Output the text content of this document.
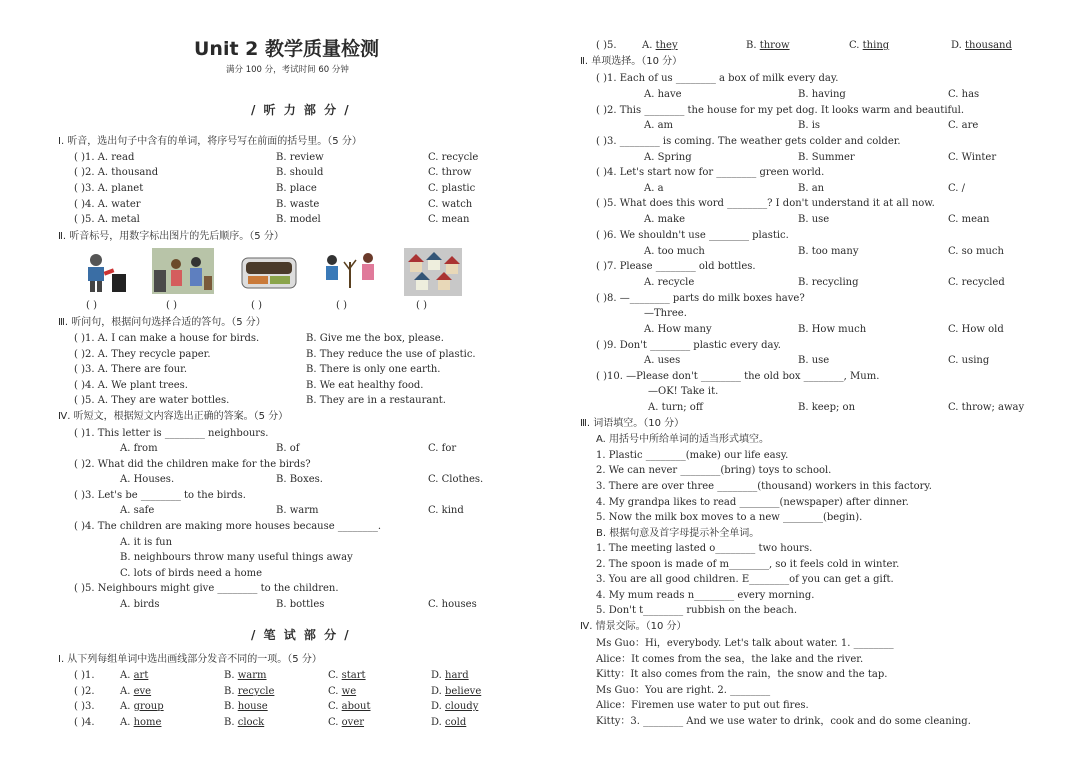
Unit 2 教学质量检测
满分 100 分，考试时间 60 分钟
/ 听 力 部 分 /
Ⅰ. 听音，选出句子中含有的单词，将序号写在前面的括号里。（5 分）
( )1. A. read	B. review	C. recycle
( )2. A. thousand	B. should	C. throw
( )3. A. planet	B. place	C. plastic
( )4. A. water	B. waste	C. watch
( )5. A. metal	B. model	C. mean
Ⅱ. 听音标号，用数字标出图片的先后顺序。（5 分）
( )	( )	( )	( )	( )
Ⅲ. 听问句，根据问句选择合适的答句。（5 分）
( )1. A. I can make a house for birds.	B. Give me the box, please.
( )2. A. They recycle paper.	B. They reduce the use of plastic.
( )3. A. There are four.	B. There is only one earth.
( )4. A. We plant trees.	B. We eat healthy food.
( )5. A. They are water bottles.	B. They are in a restaurant.
Ⅳ. 听短文，根据短文内容选出正确的答案。（5 分）
( )1. This letter is ________ neighbours.
A. from	B. of	C. for
( )2. What did the children make for the birds?
A. Houses.	B. Boxes.	C. Clothes.
( )3. Let's be ________ to the birds.
A. safe	B. warm	C. kind
( )4. The children are making more houses because ________.
A. it is fun
B. neighbours throw many useful things away
C. lots of birds need a home
( )5. Neighbours might give ________ to the children.
A. birds	B. bottles	C. houses
/ 笔 试 部 分 /
Ⅰ. 从下列每组单词中选出画线部分发音不同的一项。（5 分）
( )1.	A. art	B. warm	C. start	D. hard
( )2.	A. eve	B. recycle	C. we	D. believe
( )3.	A. group	B. house	C. about	D. cloudy
( )4.	A. home	B. clock	C. over	D. cold
( )5.	A. they	B. throw	C. thing	D. thousand
Ⅱ. 单项选择。（10 分）
( )1. Each of us ________ a box of milk every day.
A. have	B. having	C. has
( )2. This ________ the house for my pet dog. It looks warm and beautiful.
A. am	B. is	C. are
( )3. ________ is coming. The weather gets colder and colder.
A. Spring	B. Summer	C. Winter
( )4. Let's start now for ________ green world.
A. a	B. an	C. /
( )5. What does this word ________? I don't understand it at all now.
A. make	B. use	C. mean
( )6. We shouldn't use ________ plastic.
A. too much	B. too many	C. so much
( )7. Please ________ old bottles.
A. recycle	B. recycling	C. recycled
( )8. —________ parts do milk boxes have?
—Three.
A. How many	B. How much	C. How old
( )9. Don't ________ plastic every day.
A. uses	B. use	C. using
( )10. —Please don't ________ the old box ________, Mum.
—OK! Take it.
A. turn; off	B. keep; on	C. throw; away
Ⅲ. 词语填空。（10 分）
A. 用括号中所给单词的适当形式填空。
1. Plastic ________(make) our life easy.
2. We can never ________(bring) toys to school.
3. There are over three ________(thousand) workers in this factory.
4. My grandpa likes to read ________(newspaper) after dinner.
5. Now the milk box moves to a new ________(begin).
B. 根据句意及首字母提示补全单词。
1. The meeting lasted o________ two hours.
2. The spoon is made of m________, so it feels cold in winter.
3. You are all good children. E________of you can get a gift.
4. My mum reads n________ every morning.
5. Don't t________ rubbish on the beach.
Ⅳ. 情景交际。（10 分）
Ms Guo：Hi，everybody. Let's talk about water. 1. ________
Alice：It comes from the sea，the lake and the river.
Kitty：It also comes from the rain，the snow and the tap.
Ms Guo：You are right. 2. ________
Alice：Firemen use water to put out fires.
Kitty：3. ________ And we use water to drink，cook and do some cleaning.
